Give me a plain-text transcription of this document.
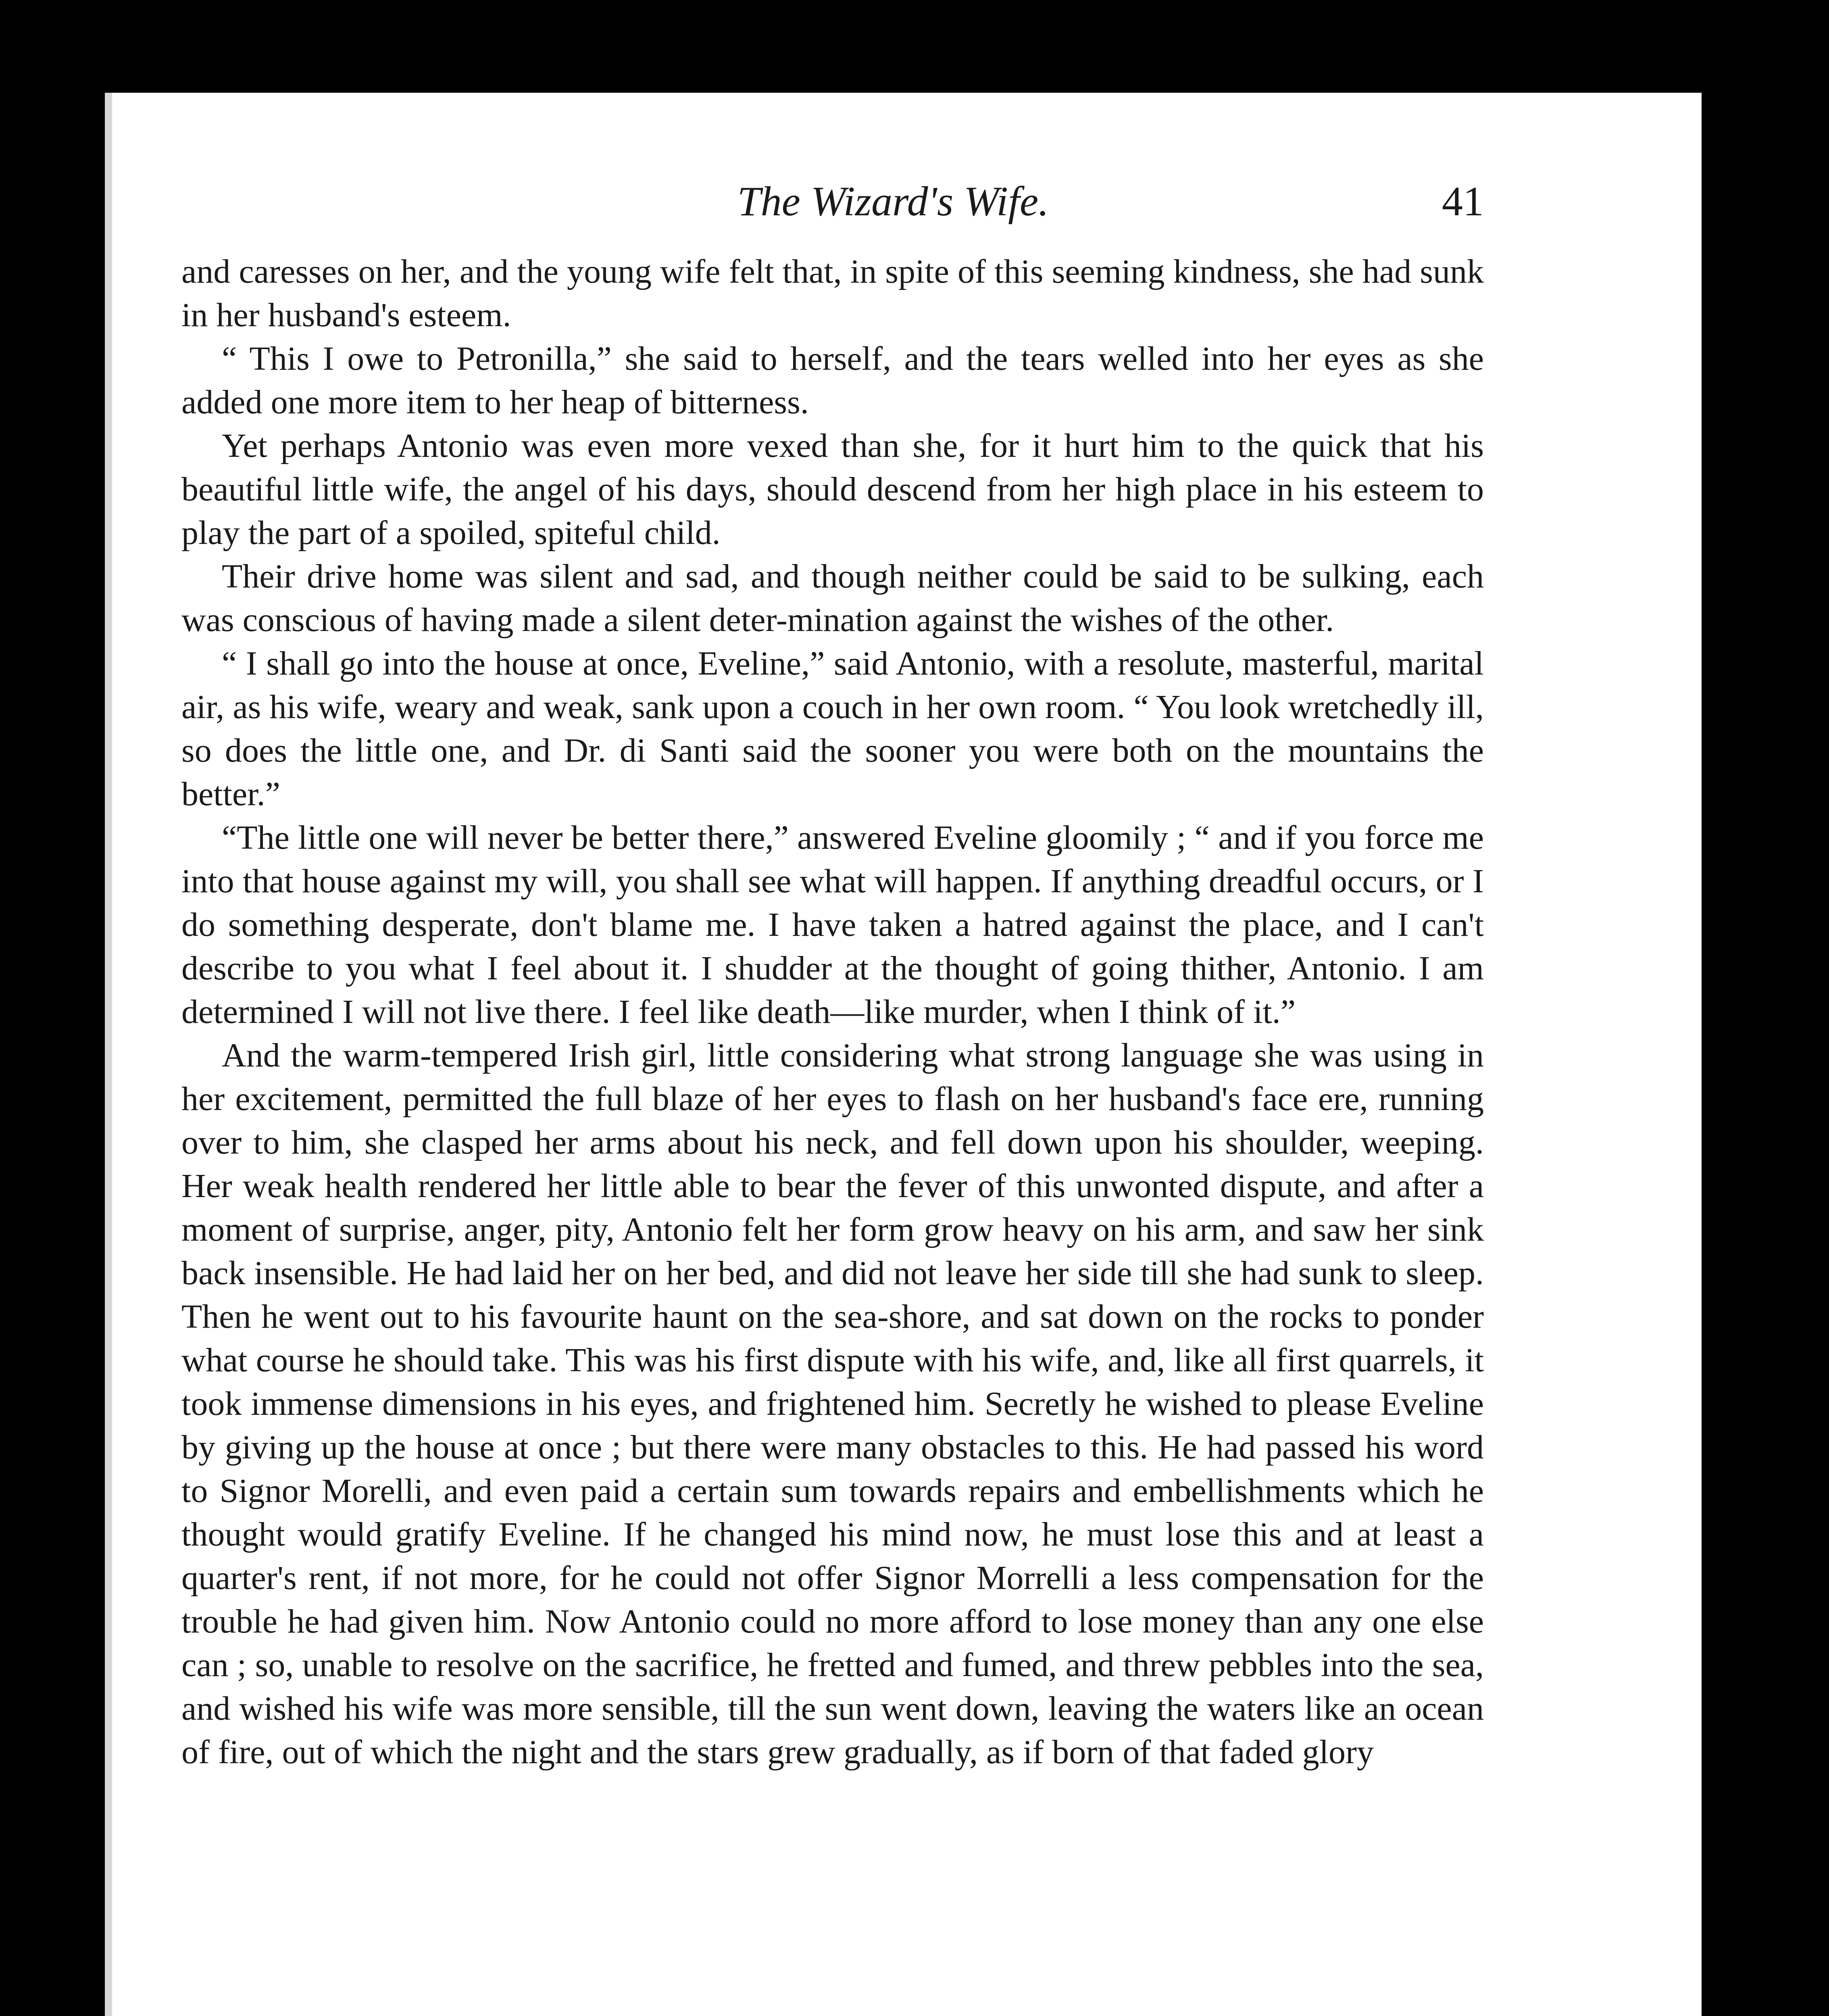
The Wizard's Wife.	41

and caresses on her, and the young wife felt that, in spite of this seeming kindness, she had sunk in her husband's esteem.

“ This I owe to Petronilla,” she said to herself, and the tears welled into her eyes as she added one more item to her heap of bitterness.

Yet perhaps Antonio was even more vexed than she, for it hurt him to the quick that his beautiful little wife, the angel of his days, should descend from her high place in his esteem to play the part of a spoiled, spiteful child.

Their drive home was silent and sad, and though neither could be said to be sulking, each was conscious of having made a silent deter-mination against the wishes of the other.

“ I shall go into the house at once, Eveline,” said Antonio, with a resolute, masterful, marital air, as his wife, weary and weak, sank upon a couch in her own room. “ You look wretchedly ill, so does the little one, and Dr. di Santi said the sooner you were both on the mountains the better.”

“The little one will never be better there,” answered Eveline gloomily ; “ and if you force me into that house against my will, you shall see what will happen. If anything dreadful occurs, or I do something desperate, don't blame me. I have taken a hatred against the place, and I can't describe to you what I feel about it. I shudder at the thought of going thither, Antonio. I am determined I will not live there. I feel like death—like murder, when I think of it.”

And the warm-tempered Irish girl, little considering what strong language she was using in her excitement, permitted the full blaze of her eyes to flash on her husband's face ere, running over to him, she clasped her arms about his neck, and fell down upon his shoulder, weeping. Her weak health rendered her little able to bear the fever of this unwonted dispute, and after a moment of surprise, anger, pity, Antonio felt her form grow heavy on his arm, and saw her sink back insensible. He had laid her on her bed, and did not leave her side till she had sunk to sleep. Then he went out to his favourite haunt on the sea-shore, and sat down on the rocks to ponder what course he should take. This was his first dispute with his wife, and, like all first quarrels, it took immense dimensions in his eyes, and frightened him. Secretly he wished to please Eveline by giving up the house at once ; but there were many obstacles to this. He had passed his word to Signor Morelli, and even paid a certain sum towards repairs and embellishments which he thought would gratify Eveline. If he changed his mind now, he must lose this and at least a quarter's rent, if not more, for he could not offer Signor Morrelli a less compensation for the trouble he had given him. Now Antonio could no more afford to lose money than any one else can ; so, unable to resolve on the sacrifice, he fretted and fumed, and threw pebbles into the sea, and wished his wife was more sensible, till the sun went down, leaving the waters like an ocean of fire, out of which the night and the stars grew gradually, as if born of that faded glory
